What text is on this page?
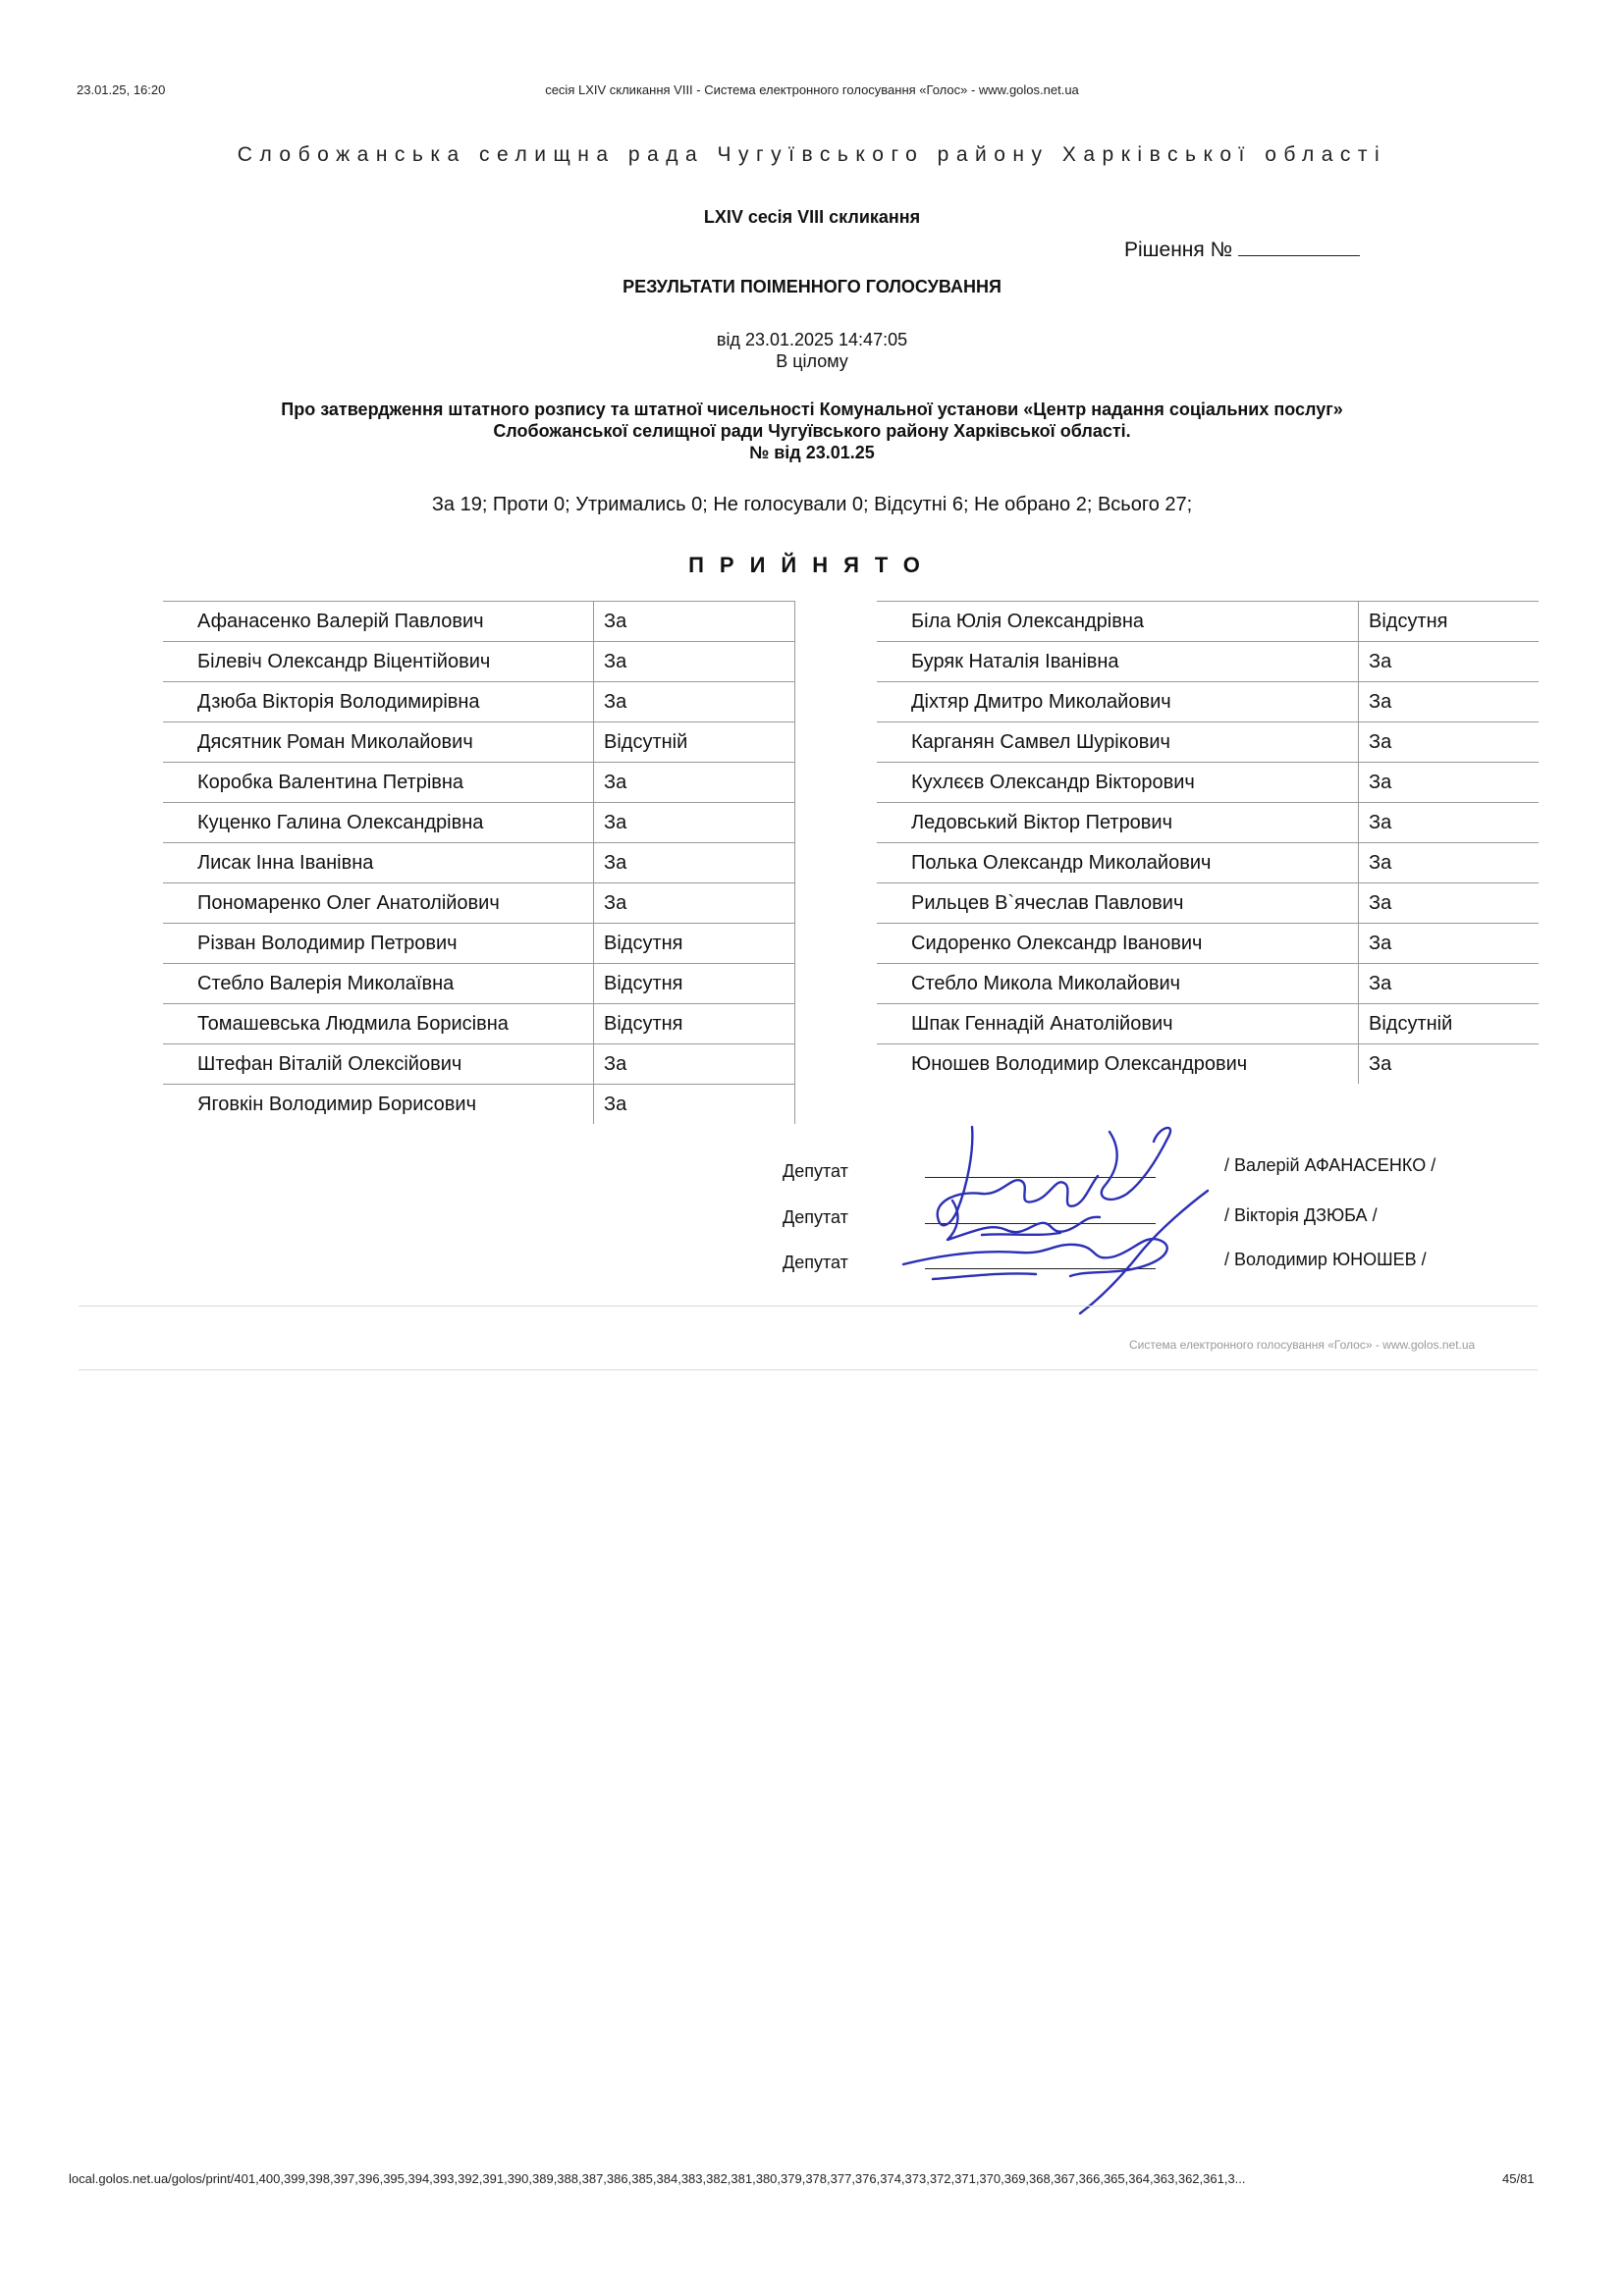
23.01.25, 16:20	сесія LXIV скликання VIII - Система електронного голосування «Голос» - www.golos.net.ua
Слобожанська селищна рада Чугуївського району Харківської області
LXIV сесія VIII скликання
Рішення №
РЕЗУЛЬТАТИ ПОІМЕННОГО ГОЛОСУВАННЯ
від 23.01.2025 14:47:05
В цілому
Про затвердження штатного розпису та штатної чисельності Комунальної установи «Центр надання соціальних послуг»
Слобожанської селищної ради Чугуївського району Харківської області.
№ від 23.01.25
За 19; Проти 0; Утримались 0; Не голосували 0; Відсутні 6; Не обрано 2; Всього 27;
ПРИЙНЯТО
Афанасенко Валерій Павлович	За
Білевіч Олександр Віцентійович	За
Дзюба Вікторія Володимирівна	За
Дясятник Роман Миколайович	Відсутній
Коробка Валентина Петрівна	За
Куценко Галина Олександрівна	За
Лисак Інна Іванівна	За
Пономаренко Олег Анатолійович	За
Різван Володимир Петрович	Відсутня
Стебло Валерія Миколаївна	Відсутня
Томашевська Людмила Борисівна	Відсутня
Штефан Віталій Олексійович	За
Яговкін Володимир Борисович	За
Біла Юлія Олександрівна	Відсутня
Буряк Наталія Іванівна	За
Діхтяр Дмитро Миколайович	За
Карганян Самвел Шурікович	За
Кухлєєв Олександр Вікторович	За
Ледовський Віктор Петрович	За
Полька Олександр Миколайович	За
Рильцев В`ячеслав Павлович	За
Сидоренко Олександр Іванович	За
Стебло Микола Миколайович	За
Шпак Геннадій Анатолійович	Відсутній
Юношев Володимир Олександрович	За
Депутат
Депутат
Депутат
/ Валерій АФАНАСЕНКО /
/ Вікторія ДЗЮБА /
/ Володимир ЮНОШЕВ /
Система електронного голосування «Голос» - www.golos.net.ua
local.golos.net.ua/golos/print/401,400,399,398,397,396,395,394,393,392,391,390,389,388,387,386,385,384,383,382,381,380,379,378,377,376,374,373,372,371,370,369,368,367,366,365,364,363,362,361,3...	45/81
